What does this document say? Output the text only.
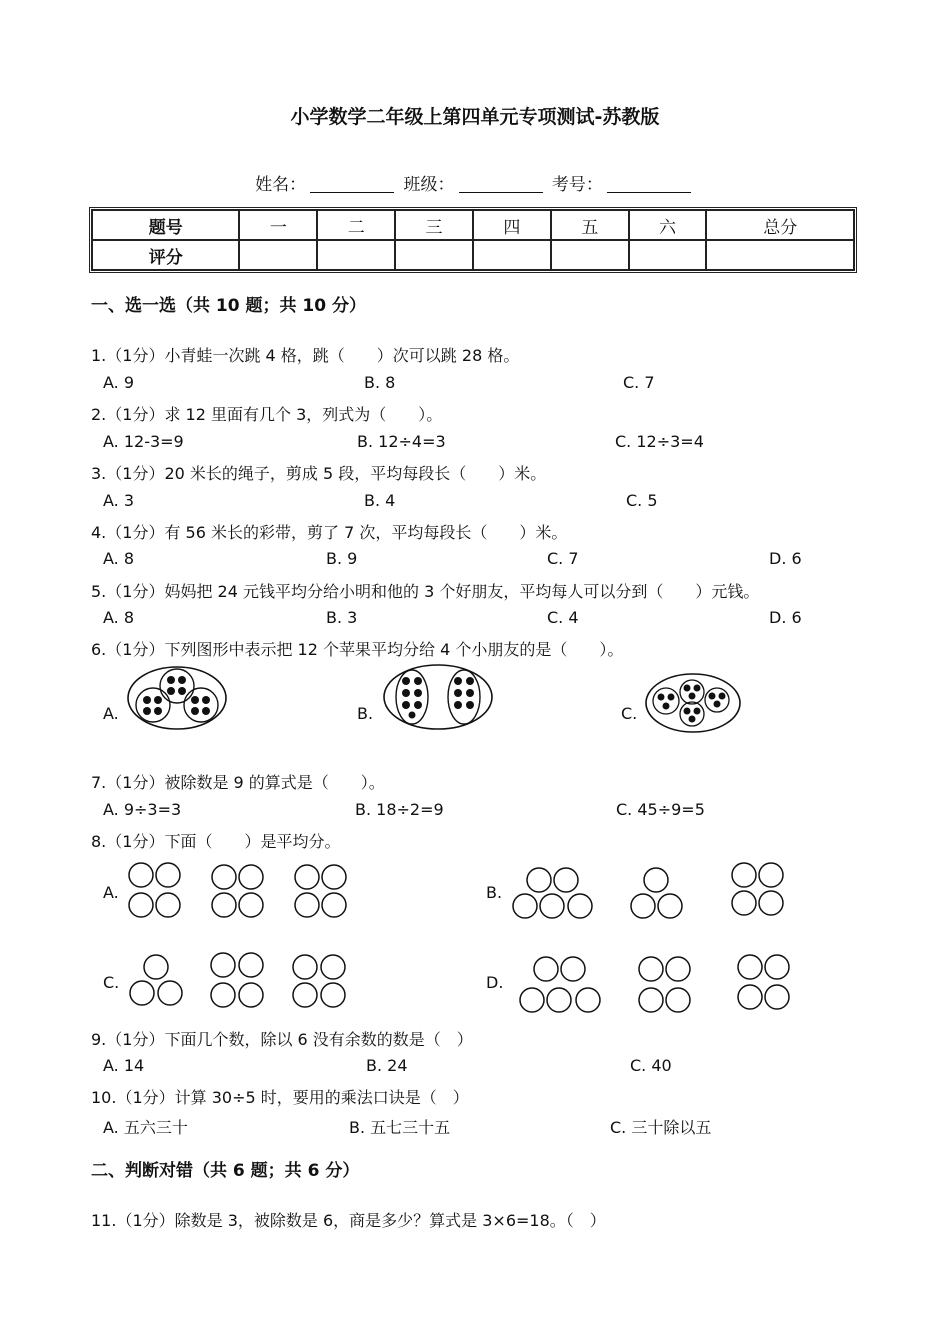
小学数学二年级上第四单元专项测试-苏教版
姓名：	班级：	考号：
题号	一	二	三	四	五	六	总分
评分							
一、选一选（共 10 题；共 10 分）
1.（1分）小青蛙一次跳 4 格，跳（　　）次可以跳 28 格。
A. 9	B. 8	C. 7
2.（1分）求 12 里面有几个 3，列式为（　　）。
A. 12-3=9	B. 12÷4=3	C. 12÷3=4
3.（1分）20 米长的绳子，剪成 5 段，平均每段长（　　）米。
A. 3	B. 4	C. 5
4.（1分）有 56 米长的彩带，剪了 7 次，平均每段长（　　）米。
A. 8	B. 9	C. 7	D. 6
5.（1分）妈妈把 24 元钱平均分给小明和他的 3 个好朋友，平均每人可以分到（　　）元钱。
A. 8	B. 3	C. 4	D. 6
6.（1分）下列图形中表示把 12 个苹果平均分给 4 个小朋友的是（　　）。
A.	B.	C.
7.（1分）被除数是 9 的算式是（　　）。
A. 9÷3=3	B. 18÷2=9	C. 45÷9=5
8.（1分）下面（　　）是平均分。
A.	B.
C.	D.
9.（1分）下面几个数，除以 6 没有余数的数是（　）
A. 14	B. 24	C. 40
10.（1分）计算 30÷5 时，要用的乘法口诀是（　）
A. 五六三十	B. 五七三十五	C. 三十除以五
二、判断对错（共 6 题；共 6 分）
11.（1分）除数是 3，被除数是 6，商是多少？算式是 3×6=18。（　）
